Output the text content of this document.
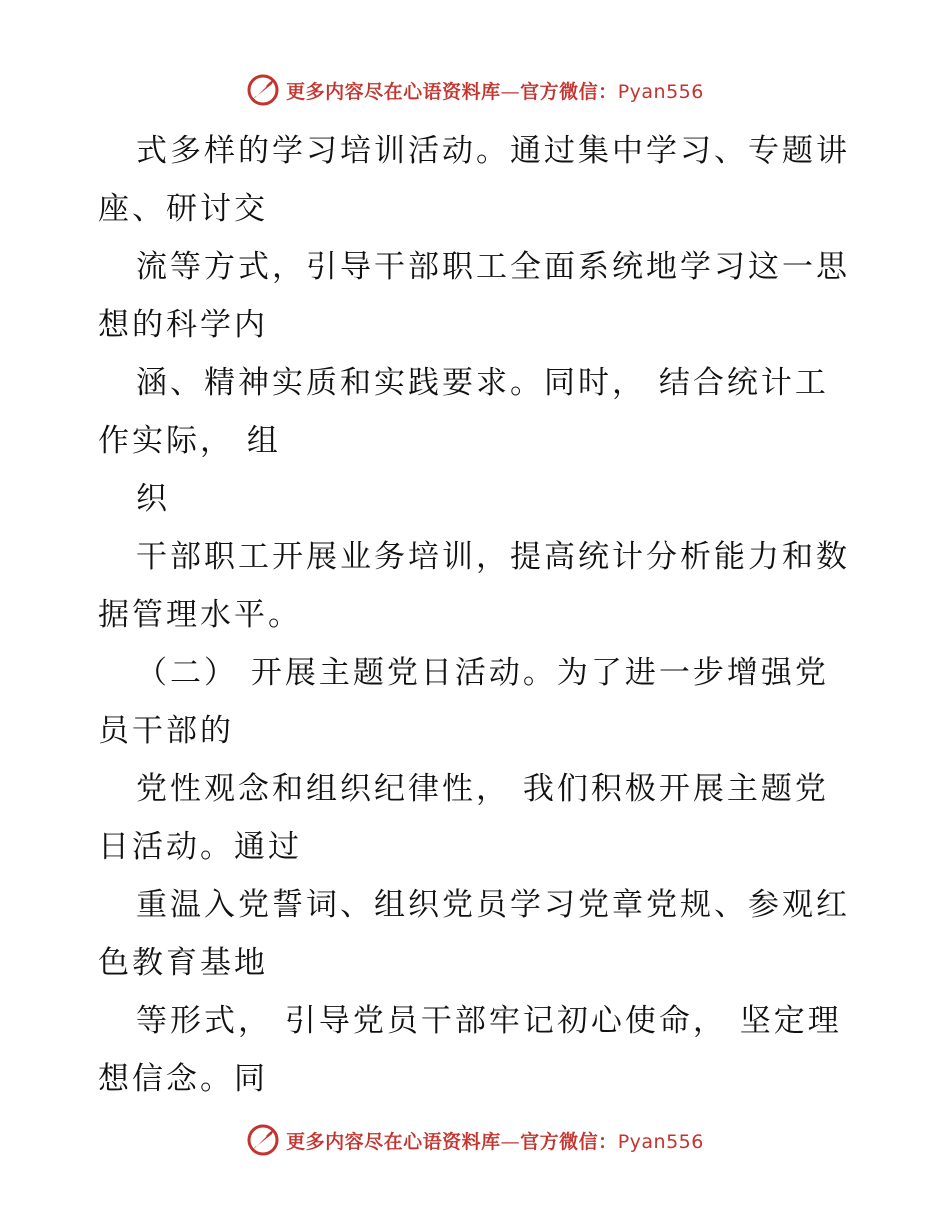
更多内容尽在心语资料库—官方微信：Pyan556
式多样的学习培训活动。通过集中学习、专题讲
座、研讨交
流等方式，引导干部职工全面系统地学习这一思
想的科学内
涵、精神实质和实践要求。同时， 结合统计工
作实际， 组
织
干部职工开展业务培训，提高统计分析能力和数
据管理水平。
（二） 开展主题党日活动。为了进一步增强党
员干部的
党性观念和组织纪律性， 我们积极开展主题党
日活动。通过
重温入党誓词、组织党员学习党章党规、参观红
色教育基地
等形式， 引导党员干部牢记初心使命， 坚定理
想信念。同
更多内容尽在心语资料库—官方微信：Pyan556
